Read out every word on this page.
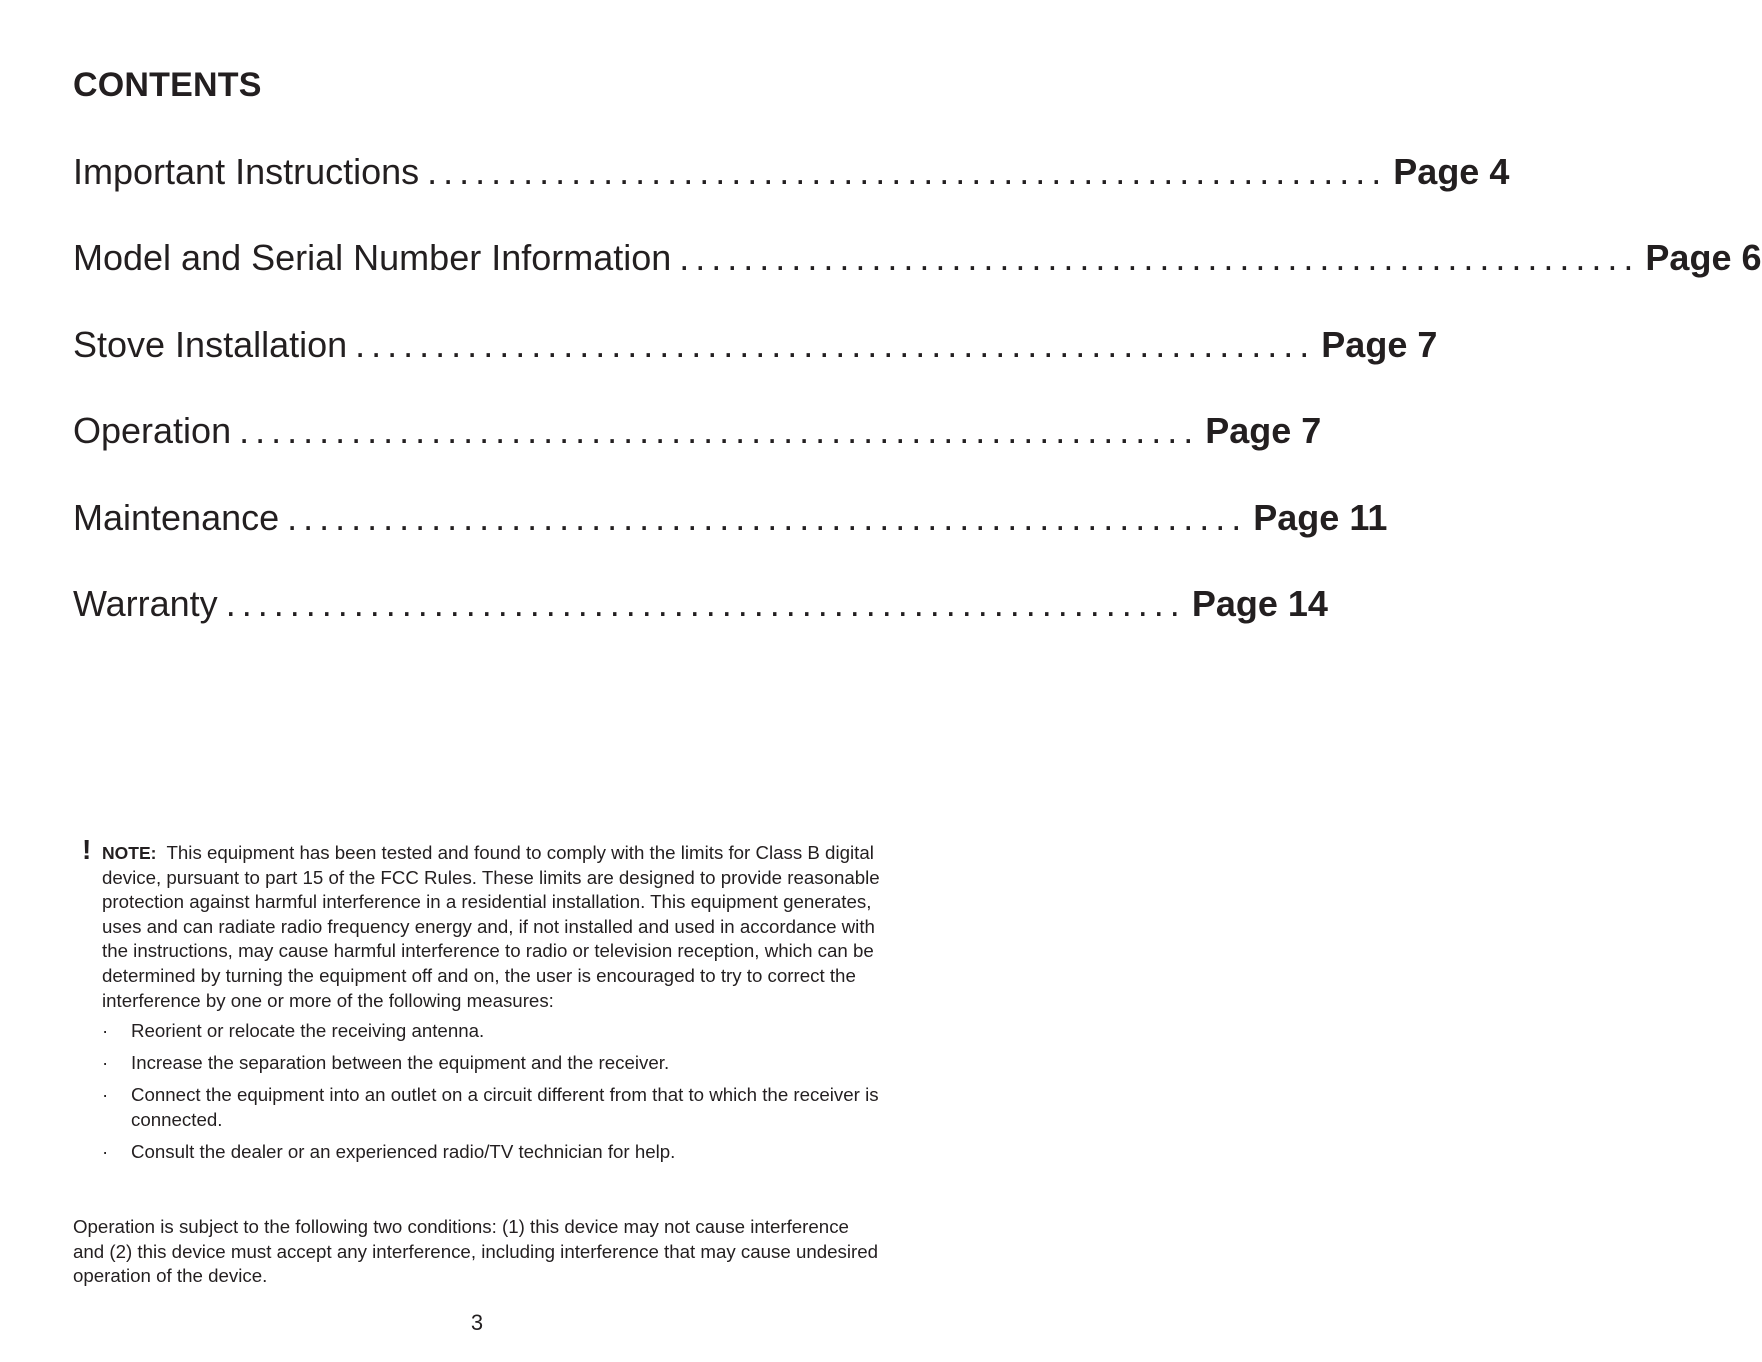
CONTENTS
Important Instructions ............................................................ Page 4
Model and Serial Number Information ............................................................ Page 6
Stove Installation ............................................................ Page 7
Operation ............................................................ Page 7
Maintenance ............................................................ Page 11
Warranty ............................................................ Page 14
! NOTE: This equipment has been tested and found to comply with the limits for Class B digital device, pursuant to part 15 of the FCC Rules. These limits are designed to provide reasonable protection against harmful interference in a residential installation. This equipment generates, uses and can radiate radio frequency energy and, if not installed and used in accordance with the instructions, may cause harmful interference to radio or television reception, which can be determined by turning the equipment off and on, the user is encouraged to try to correct the interference by one or more of the following measures:

· Reorient or relocate the receiving antenna.
· Increase the separation between the equipment and the receiver.
· Connect the equipment into an outlet on a circuit different from that to which the receiver is connected.
· Consult the dealer or an experienced radio/TV technician for help.

Operation is subject to the following two conditions: (1) this device may not cause interference and (2) this device must accept any interference, including interference that may cause undesired operation of the device.

3
